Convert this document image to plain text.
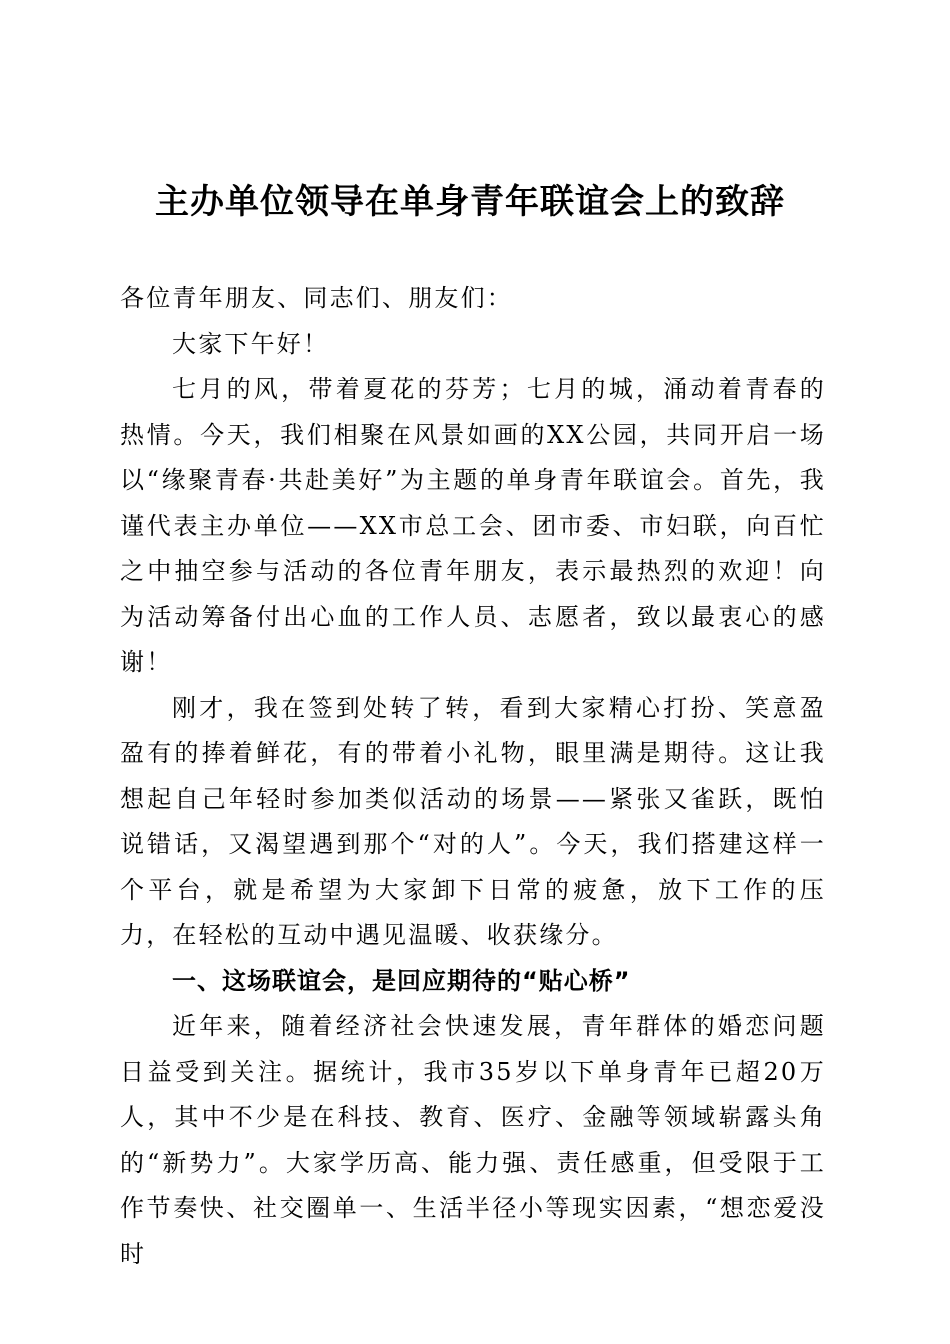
主办单位领导在单身青年联谊会上的致辞

各位青年朋友、同志们、朋友们：

大家下午好！

七月的风，带着夏花的芬芳；七月的城，涌动着青春的热情。今天，我们相聚在风景如画的XX公园，共同开启一场以“缘聚青春·共赴美好”为主题的单身青年联谊会。首先，我谨代表主办单位——XX市总工会、团市委、市妇联，向百忙之中抽空参与活动的各位青年朋友，表示最热烈的欢迎！向为活动筹备付出心血的工作人员、志愿者，致以最衷心的感谢！

刚才，我在签到处转了转，看到大家精心打扮、笑意盈盈有的捧着鲜花，有的带着小礼物，眼里满是期待。这让我想起自己年轻时参加类似活动的场景——紧张又雀跃，既怕说错话，又渴望遇到那个“对的人”。今天，我们搭建这样一个平台，就是希望为大家卸下日常的疲惫，放下工作的压力，在轻松的互动中遇见温暖、收获缘分。

一、这场联谊会，是回应期待的“贴心桥”

近年来，随着经济社会快速发展，青年群体的婚恋问题日益受到关注。据统计，我市35岁以下单身青年已超20万人，其中不少是在科技、教育、医疗、金融等领域崭露头角的“新势力”。大家学历高、能力强、责任感重，但受限于工作节奏快、社交圈单一、生活半径小等现实因素，“想恋爱没时
